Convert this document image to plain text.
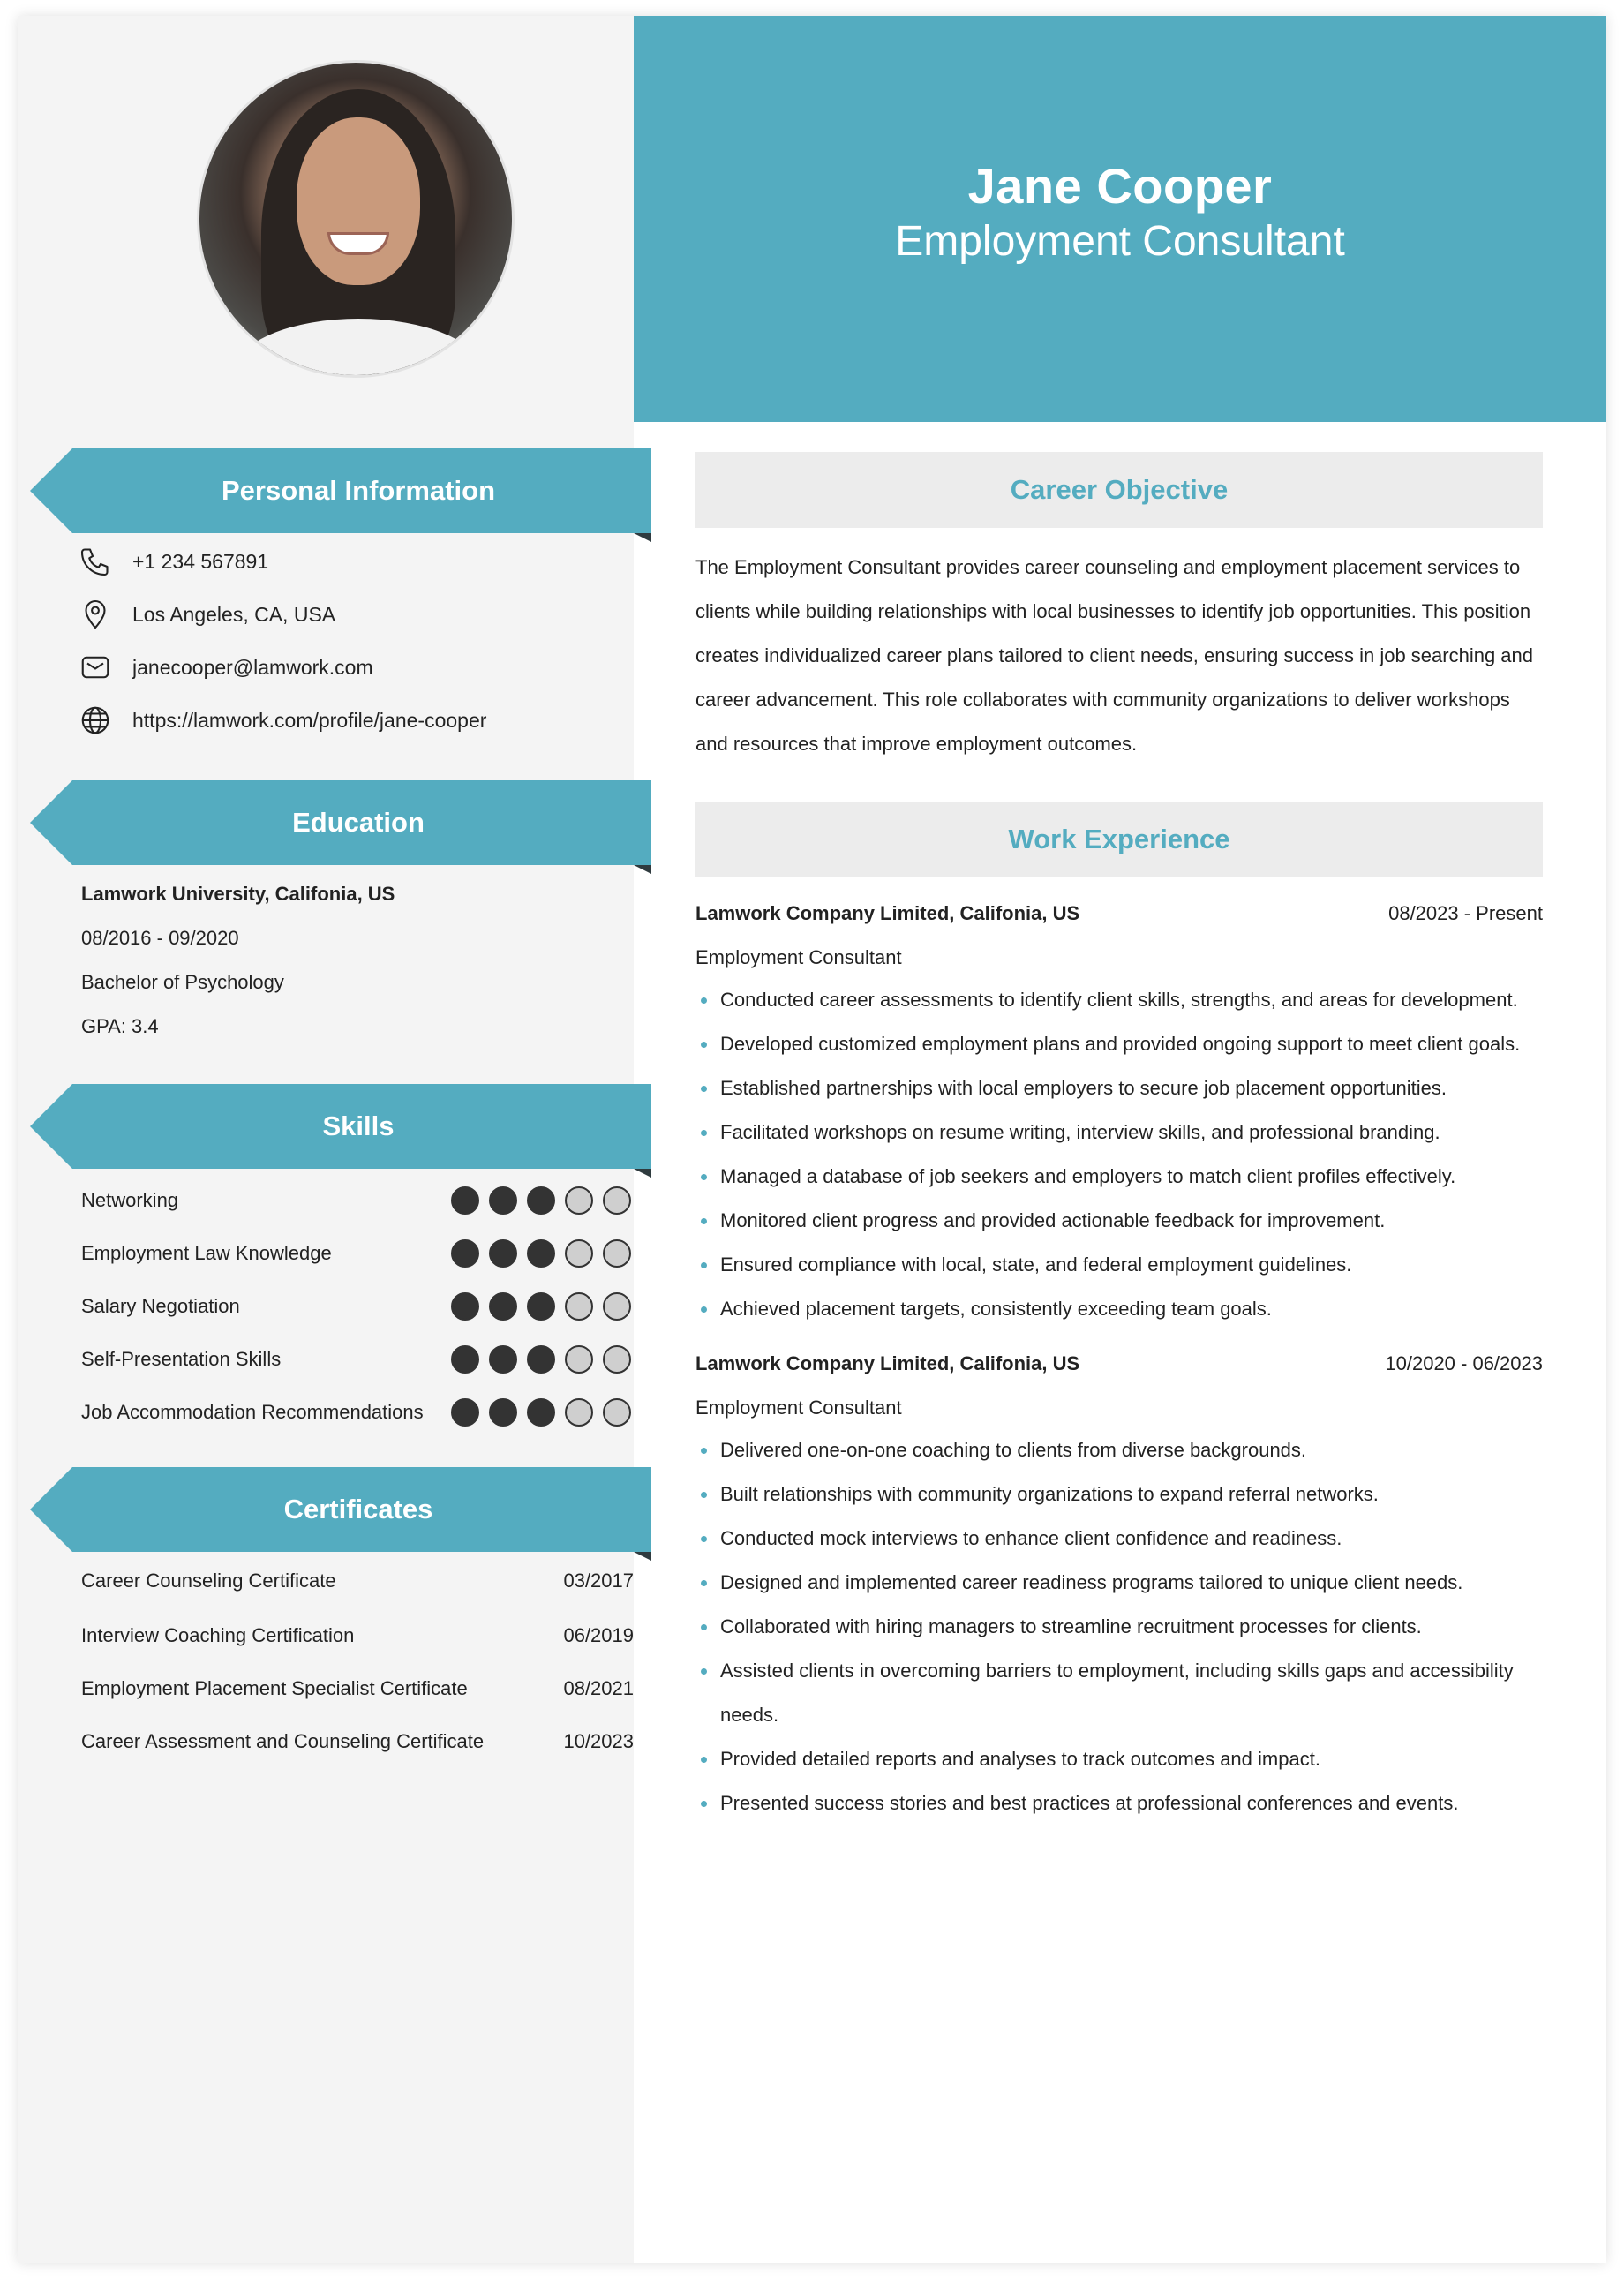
Personal Information
+1 234 567891
Los Angeles, CA, USA
janecooper@lamwork.com
https://lamwork.com/profile/jane-cooper
Education
Lamwork University, Califonia, US
08/2016 - 09/2020
Bachelor of Psychology
GPA: 3.4
Skills
Networking
Employment Law Knowledge
Salary Negotiation
Self-Presentation Skills
Job Accommodation Recommendations
Certificates
Career Counseling Certificate	03/2017
Interview Coaching Certification	06/2019
Employment Placement Specialist Certificate	08/2021
Career Assessment and Counseling Certificate	10/2023
Jane Cooper
Employment Consultant
Career Objective

The Employment Consultant provides career counseling and employment placement services to clients while building relationships with local businesses to identify job opportunities. This position creates individualized career plans tailored to client needs, ensuring success in job searching and career advancement. This role collaborates with community organizations to deliver workshops and resources that improve employment outcomes.

Work Experience
Lamwork Company Limited, Califonia, US	08/2023 - Present
Employment Consultant
Conducted career assessments to identify client skills, strengths, and areas for development.
Developed customized employment plans and provided ongoing support to meet client goals.
Established partnerships with local employers to secure job placement opportunities.
Facilitated workshops on resume writing, interview skills, and professional branding.
Managed a database of job seekers and employers to match client profiles effectively.
Monitored client progress and provided actionable feedback for improvement.
Ensured compliance with local, state, and federal employment guidelines.
Achieved placement targets, consistently exceeding team goals.
Lamwork Company Limited, Califonia, US	10/2020 - 06/2023
Employment Consultant
Delivered one-on-one coaching to clients from diverse backgrounds.
Built relationships with community organizations to expand referral networks.
Conducted mock interviews to enhance client confidence and readiness.
Designed and implemented career readiness programs tailored to unique client needs.
Collaborated with hiring managers to streamline recruitment processes for clients.
Assisted clients in overcoming barriers to employment, including skills gaps and accessibility needs.
Provided detailed reports and analyses to track outcomes and impact.
Presented success stories and best practices at professional conferences and events.
